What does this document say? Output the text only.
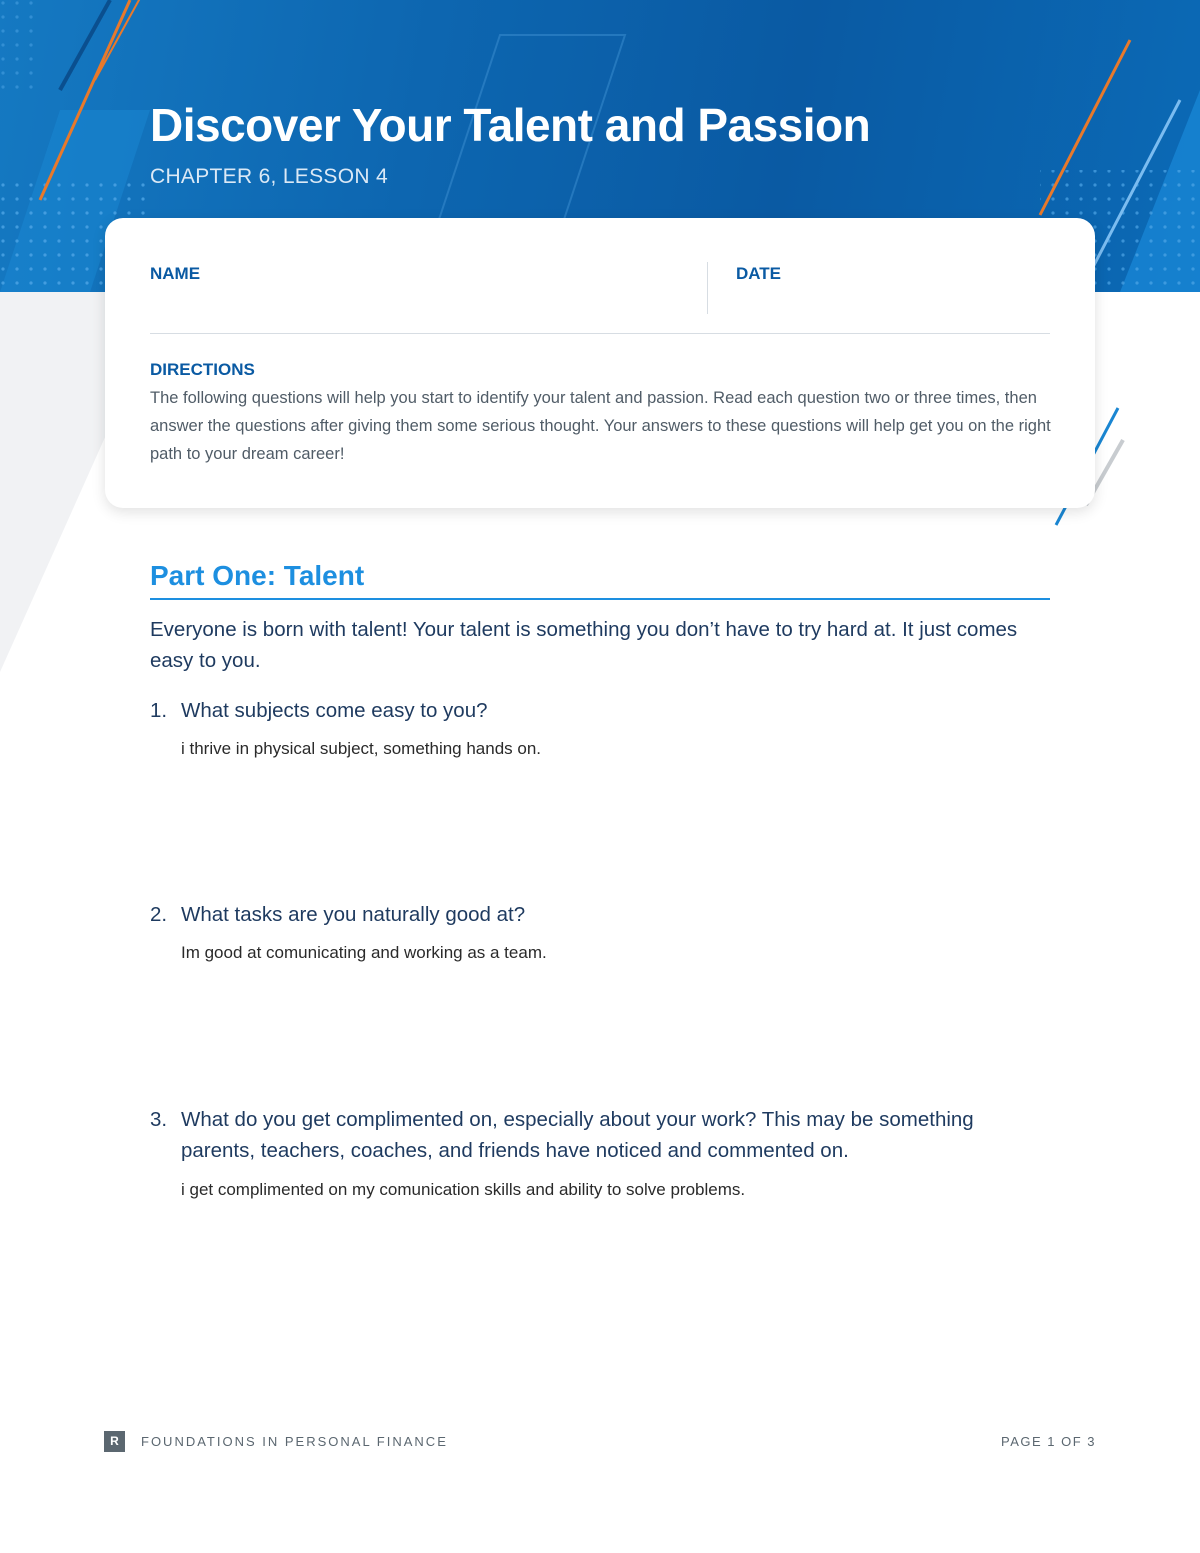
Discover Your Talent and Passion
CHAPTER 6, LESSON 4
NAME	DATE
DIRECTIONS

The following questions will help you start to identify your talent and passion. Read each question two or three times, then answer the questions after giving them some serious thought. Your answers to these questions will help get you on the right path to your dream career!

Part One: Talent

Everyone is born with talent! Your talent is something you don’t have to try hard at. It just comes easy to you.

1. What subjects come easy to you?
i thrive in physical subject, something hands on.
2. What tasks are you naturally good at?
Im good at comunicating and working as a team.
3. What do you get complimented on, especially about your work? This may be something parents, teachers, coaches, and friends have noticed and commented on.
i get complimented on my comunication skills and ability to solve problems.
R	FOUNDATIONS IN PERSONAL FINANCE	PAGE 1 OF 3
